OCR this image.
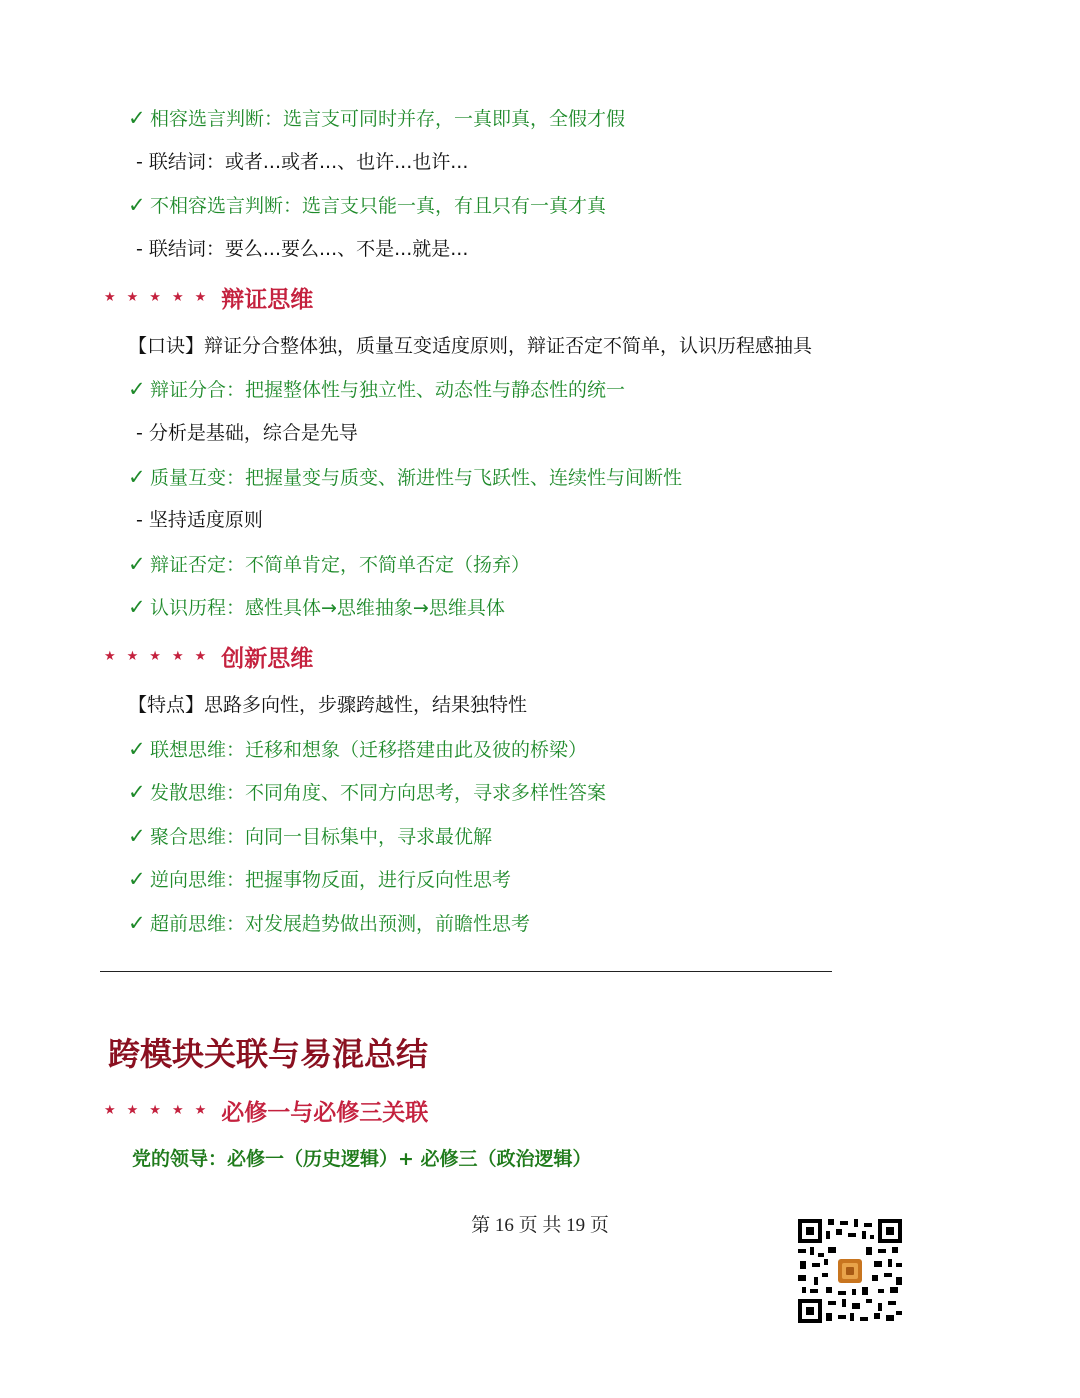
✓ 相容选言判断：选言支可同时并存，一真即真，全假才假
- 联结词：或者...或者...、也许...也许...
✓ 不相容选言判断：选言支只能一真，有且只有一真才真
- 联结词：要么...要么...、不是...就是...
★★★★★ 辩证思维
【口诀】辩证分合整体独，质量互变适度原则，辩证否定不简单，认识历程感抽具
✓ 辩证分合：把握整体性与独立性、动态性与静态性的统一
- 分析是基础，综合是先导
✓ 质量互变：把握量变与质变、渐进性与飞跃性、连续性与间断性
- 坚持适度原则
✓ 辩证否定：不简单肯定，不简单否定（扬弃）
✓ 认识历程：感性具体→思维抽象→思维具体
★★★★★ 创新思维
【特点】思路多向性，步骤跨越性，结果独特性
✓ 联想思维：迁移和想象（迁移搭建由此及彼的桥梁）
✓ 发散思维：不同角度、不同方向思考，寻求多样性答案
✓ 聚合思维：向同一目标集中，寻求最优解
✓ 逆向思维：把握事物反面，进行反向性思考
✓ 超前思维：对发展趋势做出预测，前瞻性思考
跨模块关联与易混总结
★★★★★ 必修一与必修三关联
党的领导：必修一（历史逻辑）+ 必修三（政治逻辑）
第 16 页 共 19 页
